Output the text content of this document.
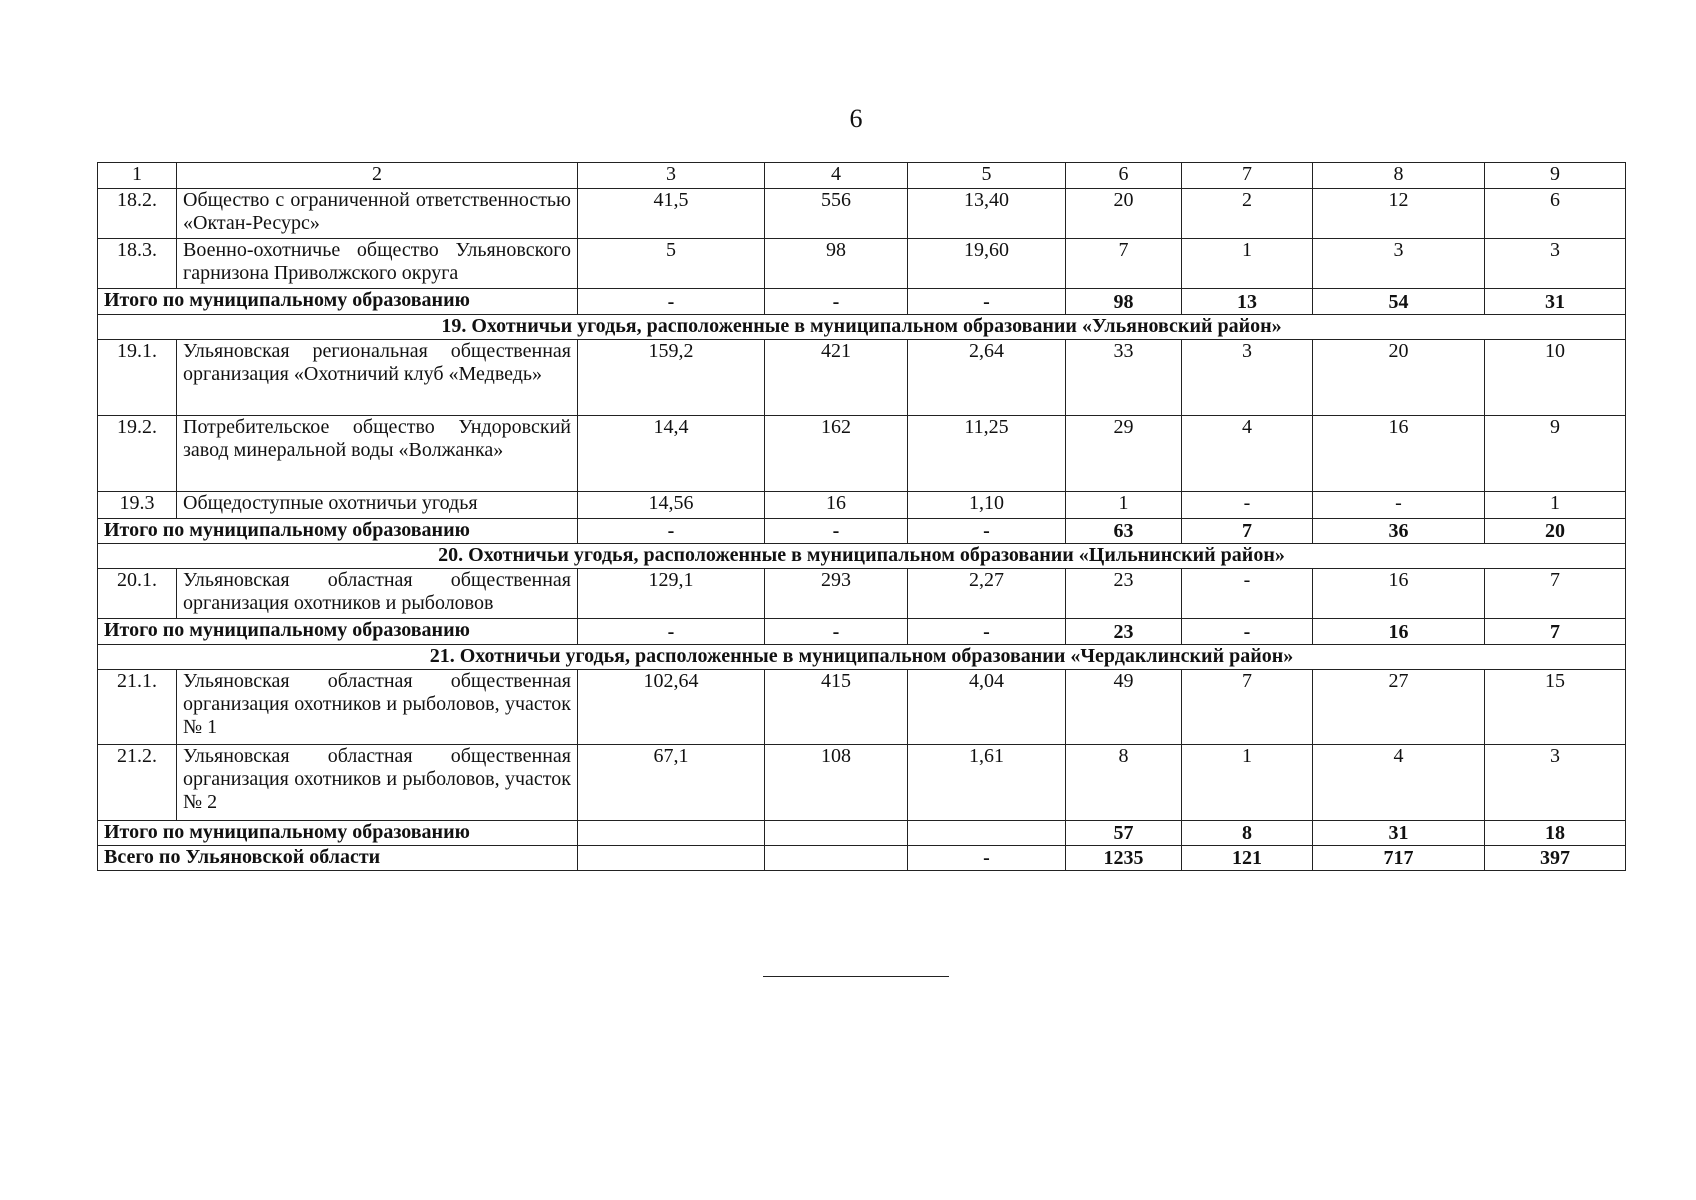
6
1	2	3	4	5	6	7	8	9
18.2.	Общество с ограниченной ответственностью «Октан-Ресурс»	41,5	556	13,40	20	2	12	6
18.3.	Военно-охотничье общество Ульяновского гарнизона Приволжского округа	5	98	19,60	7	1	3	3
Итого по муниципальному образованию		-	-	-	98	13	54	31
19. Охотничьи угодья, расположенные в муниципальном образовании «Ульяновский район»								
19.1.	Ульяновская региональная общественная организация «Охотничий клуб «Медведь»	159,2	421	2,64	33	3	20	10
19.2.	Потребительское общество Ундоровский завод минеральной воды «Волжанка»	14,4	162	11,25	29	4	16	9
19.3	Общедоступные охотничьи угодья	14,56	16	1,10	1	-	-	1
Итого по муниципальному образованию		-	-	-	63	7	36	20
20. Охотничьи угодья, расположенные в муниципальном образовании «Цильнинский район»								
20.1.	Ульяновская областная общественная организация охотников и рыболовов	129,1	293	2,27	23	-	16	7
Итого по муниципальному образованию		-	-	-	23	-	16	7
21. Охотничьи угодья, расположенные в муниципальном образовании «Чердаклинский район»								
21.1.	Ульяновская областная общественная организация охотников и рыболовов, участок № 1	102,64	415	4,04	49	7	27	15
21.2.	Ульяновская областная общественная организация охотников и рыболовов, участок № 2	67,1	108	1,61	8	1	4	3
Итого по муниципальному образованию					57	8	31	18
Всего по Ульяновской области				-	1235	121	717	397
